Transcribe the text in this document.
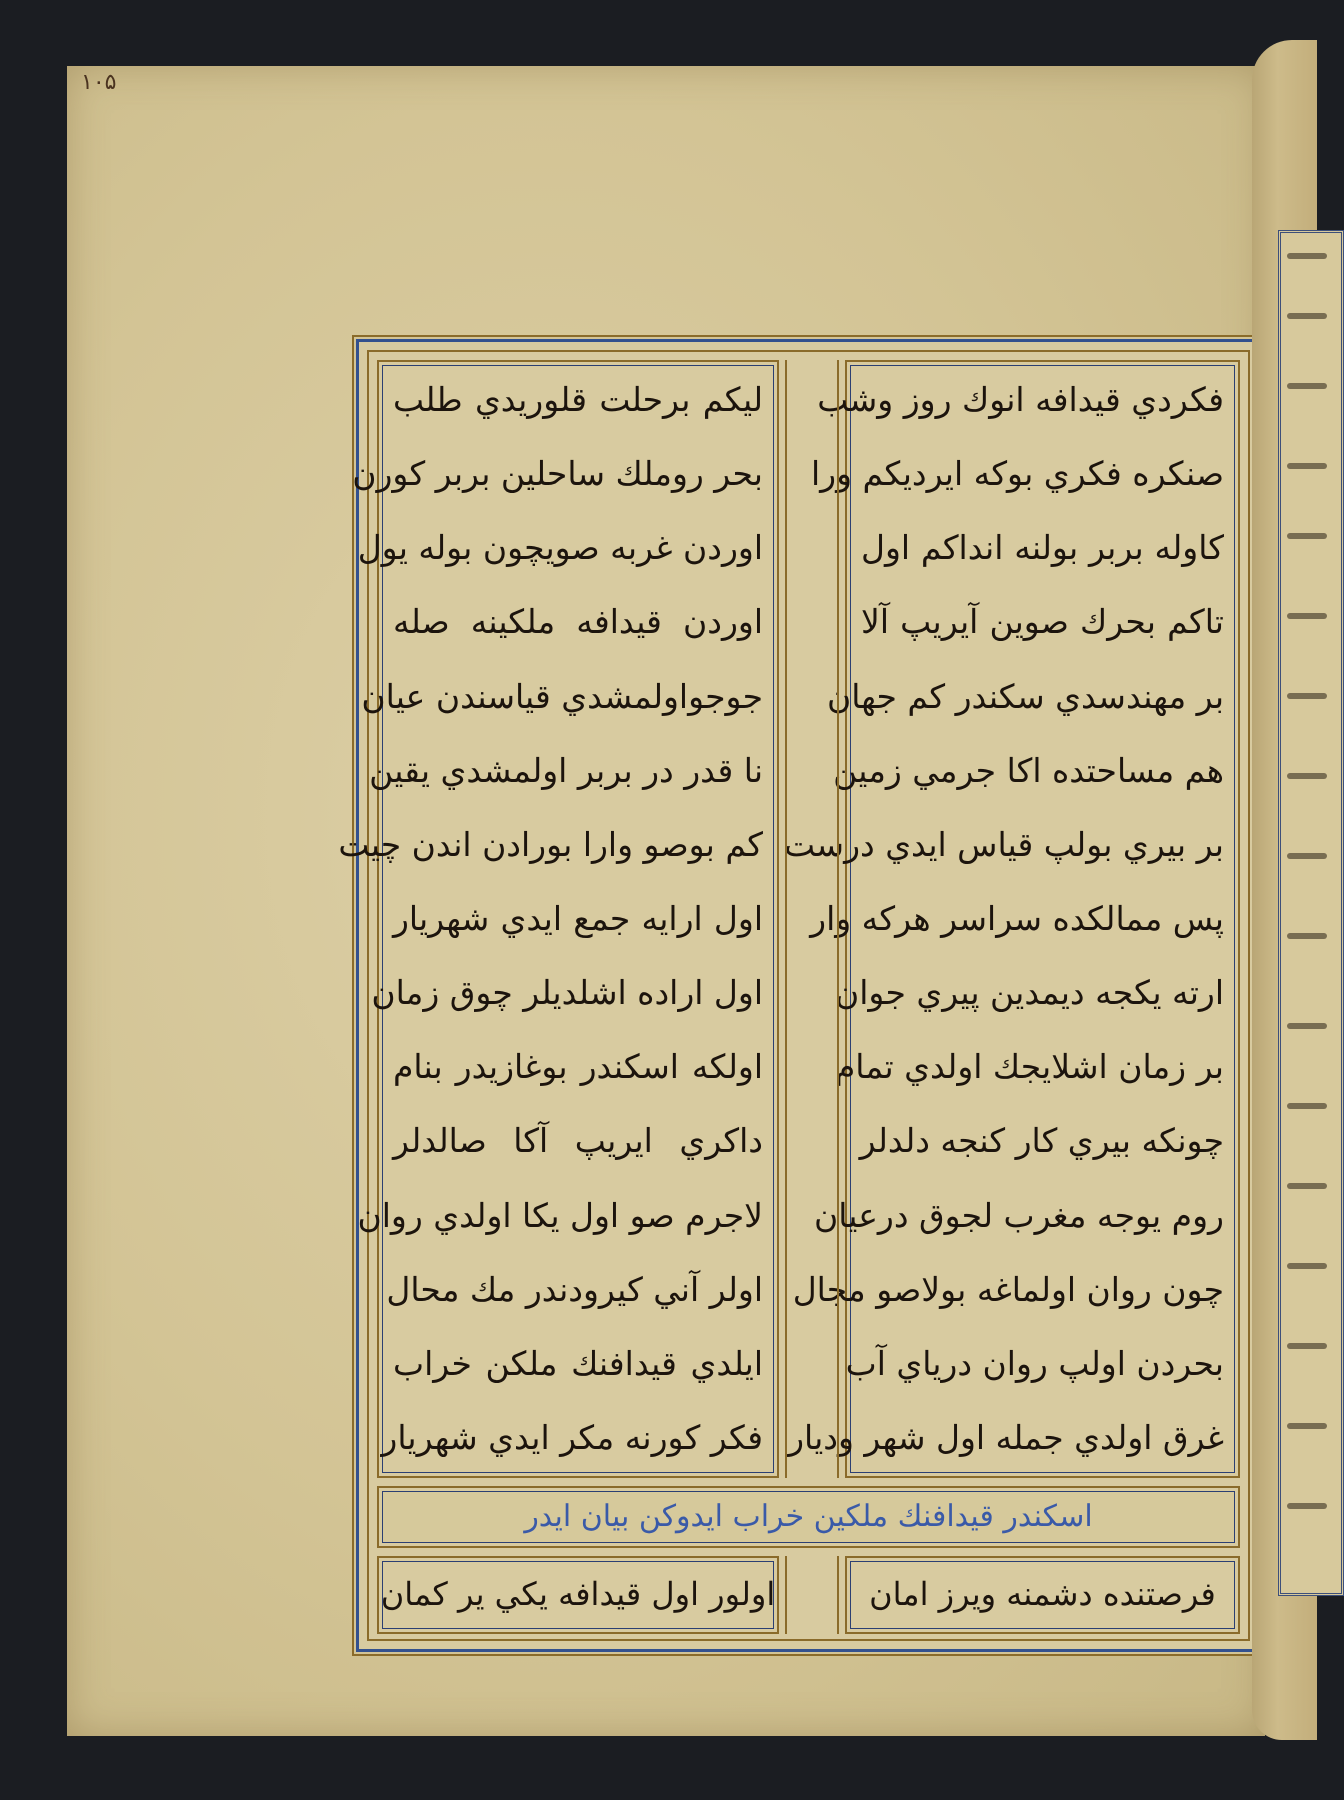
۱۰۵
فکردي قيدافه انوك روز وشب
صنکره فکري بوکه ايرديکم ورا
کاوله بربر بولنه انداکم اول
تاکم بحرك صوين آيريپ آلا
بر مهندسدي سکندر کم جهان
هم مساحتده اکا جرمي زمين
بر بيري بولپ قياس ايدي درست
پس ممالکده سراسر هرکه وار
ارته يکجه ديمدين پيري جوان
بر زمان اشلايجك اولدي تمام
چونکه بيري کار کنجه دلدلر
روم يوجه مغرب لجوق درعيان
چون روان اولماغه بولاصو مجال
بحردن اولپ روان درياي آب
غرق اولدي جمله اول شهر وديار
ليکم برحلت قلوريدي طلب
بحر روملك ساحلين بربر کورن
اوردن غربه صويچون بوله يول
اوردن قيدافه ملکينه صله
جوجواولمشدي قياسندن عيان
نا قدر در بربر اولمشدي يقين
کم بوصو وارا بورادن اندن چيت
اول ارايه جمع ايدي شهريار
اول اراده اشلديلر چوق زمان
اولکه اسکندر بوغازيدر بنام
داکري ايريپ آکا صالدلر
لاجرم صو اول يکا اولدي روان
اولر آني کيرودندر مك محال
ايلدي قيدافنك ملکن خراب
فکر کورنه مکر ايدي شهريار
اسکندر قيدافنك ملکين خراب ايدوکن بيان ايدر
فرصتنده دشمنه ويرز امان
اولور اول قيدافه يکي ير کمان
